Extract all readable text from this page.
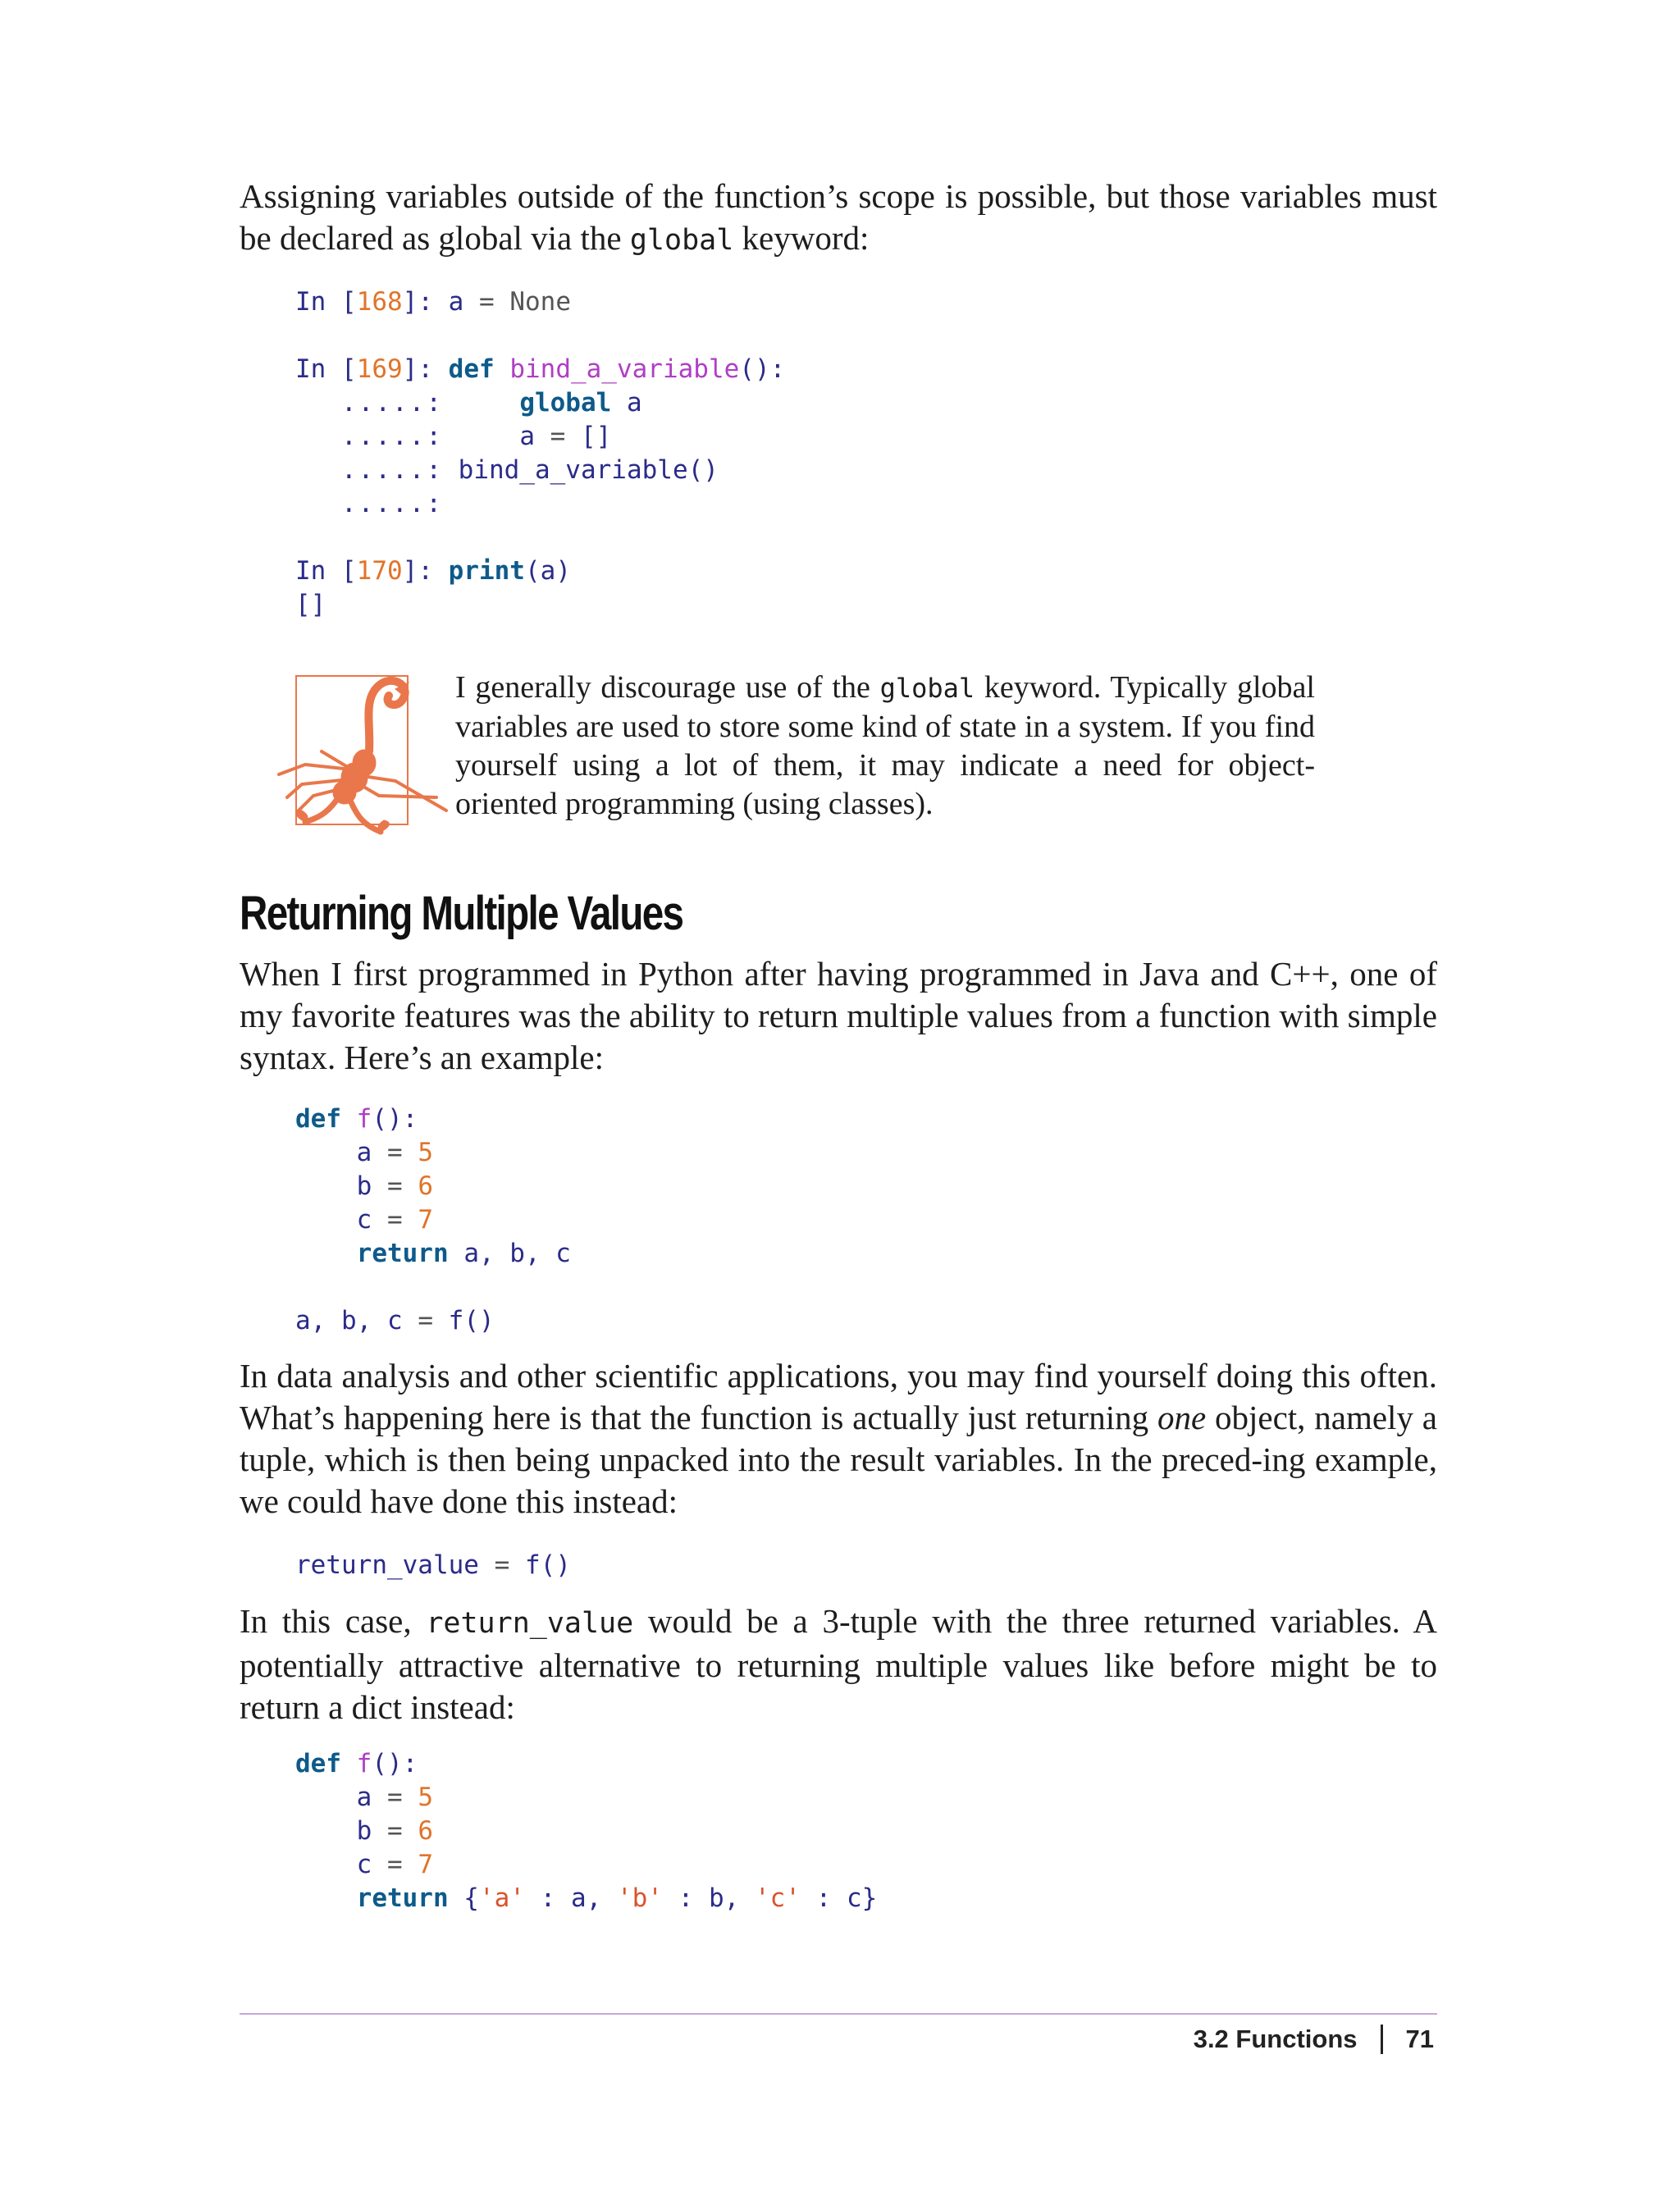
Assigning variables outside of the function’s scope is possible, but those variables must be declared as global via the global keyword:

In [168]: a = None

In [169]: def bind_a_variable():
.....:	global a
.....:	a = []
.....: bind_a_variable()
.....:

In [170]: print(a)
[]

I generally discourage use of the global keyword. Typically global variables are used to store some kind of state in a system. If you find yourself using a lot of them, it may indicate a need for object-oriented programming (using classes).

Returning Multiple Values

When I first programmed in Python after having programmed in Java and C++, one of my favorite features was the ability to return multiple values from a function with simple syntax. Here’s an example:

def f():
a = 5
b = 6
c = 7
return a, b, c

a, b, c = f()

In data analysis and other scientific applications, you may find yourself doing this often. What’s happening here is that the function is actually just returning one object, namely a tuple, which is then being unpacked into the result variables. In the preced‐ing example, we could have done this instead:

return_value = f()

In this case, return_value would be a 3-tuple with the three returned variables. A potentially attractive alternative to returning multiple values like before might be to return a dict instead:

def f():
a = 5
b = 6
c = 7
return {'a' : a, 'b' : b, 'c' : c}
3.2 Functions 71
